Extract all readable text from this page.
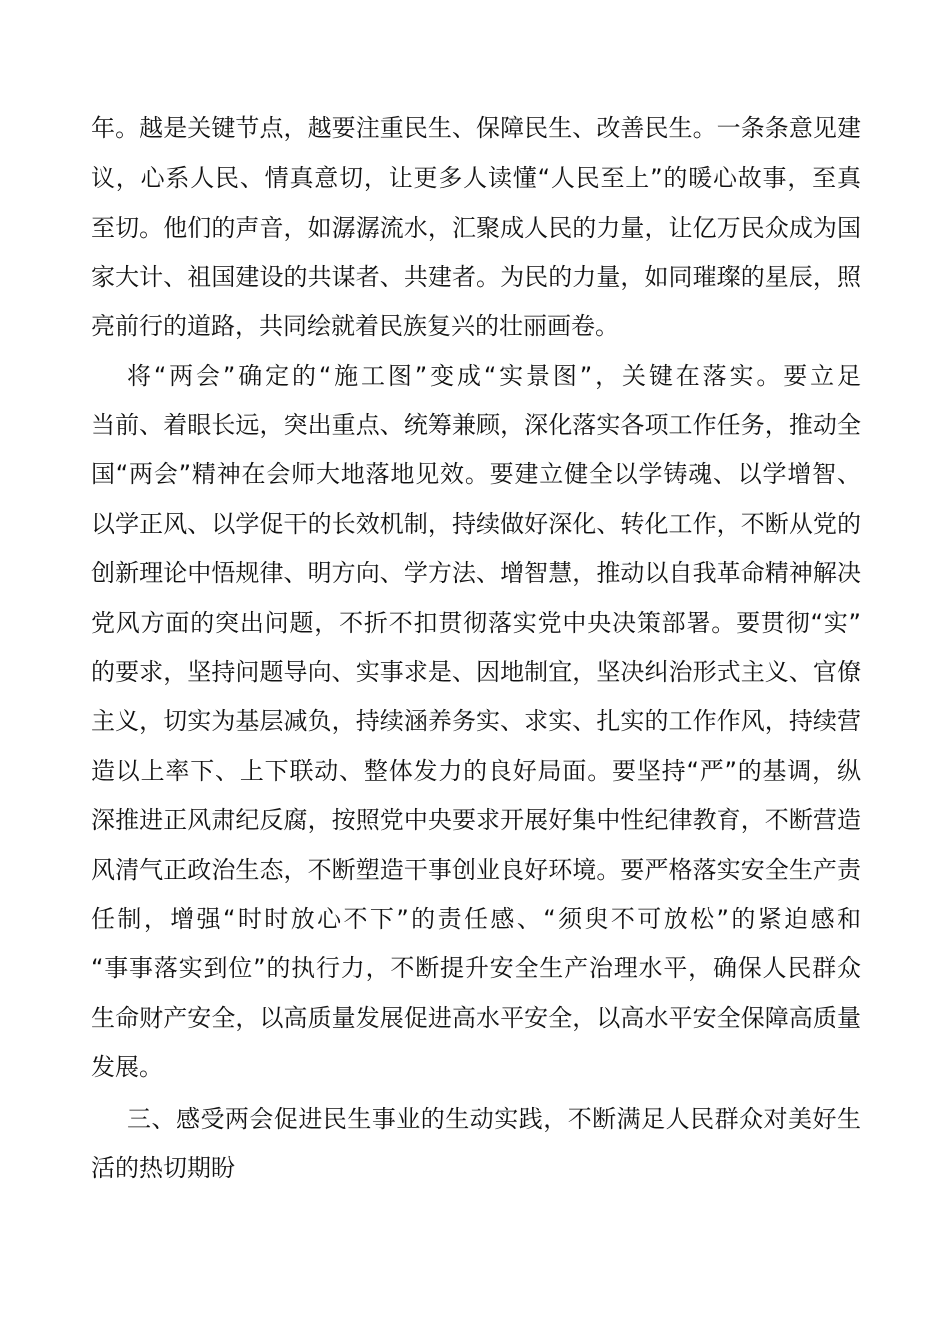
年。越是关键节点，越要注重民生、保障民生、改善民生。一条条意见建
议，心系人民、情真意切，让更多人读懂“人民至上”的暖心故事，至真
至切。他们的声音，如潺潺流水，汇聚成人民的力量，让亿万民众成为国
家大计、祖国建设的共谋者、共建者。为民的力量，如同璀璨的星辰，照
亮前行的道路，共同绘就着民族复兴的壮丽画卷。
将“两会”确定的“施工图”变成“实景图”，关键在落实。要立足
当前、着眼长远，突出重点、统筹兼顾，深化落实各项工作任务，推动全
国“两会”精神在会师大地落地见效。要建立健全以学铸魂、以学增智、
以学正风、以学促干的长效机制，持续做好深化、转化工作，不断从党的
创新理论中悟规律、明方向、学方法、增智慧，推动以自我革命精神解决
党风方面的突出问题，不折不扣贯彻落实党中央决策部署。要贯彻“实”
的要求，坚持问题导向、实事求是、因地制宜，坚决纠治形式主义、官僚
主义，切实为基层减负，持续涵养务实、求实、扎实的工作作风，持续营
造以上率下、上下联动、整体发力的良好局面。要坚持“严”的基调，纵
深推进正风肃纪反腐，按照党中央要求开展好集中性纪律教育，不断营造
风清气正政治生态，不断塑造干事创业良好环境。要严格落实安全生产责
任制，增强“时时放心不下”的责任感、“须臾不可放松”的紧迫感和
“事事落实到位”的执行力，不断提升安全生产治理水平，确保人民群众
生命财产安全，以高质量发展促进高水平安全，以高水平安全保障高质量
发展。
三、感受两会促进民生事业的生动实践，不断满足人民群众对美好生
活的热切期盼
